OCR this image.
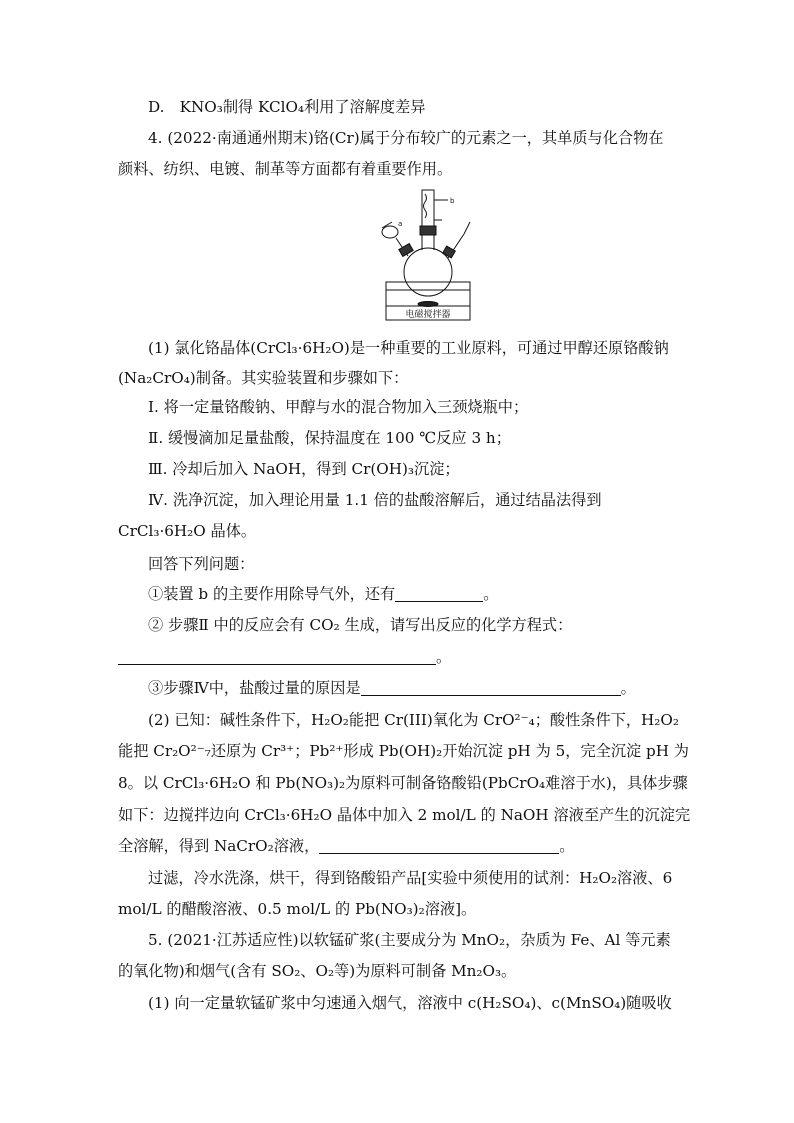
D.　KNO₃制得 KClO₄利用了溶解度差异
4. (2022·南通通州期末)铬(Cr)属于分布较广的元素之一，其单质与化合物在
颜料、纺织、电镀、制革等方面都有着重要作用。
a
b
电磁搅拌器
(1) 氯化铬晶体(CrCl₃·6H₂O)是一种重要的工业原料，可通过甲醇还原铬酸钠
(Na₂CrO₄)制备。其实验装置和步骤如下：
Ⅰ. 将一定量铬酸钠、甲醇与水的混合物加入三颈烧瓶中；
Ⅱ. 缓慢滴加足量盐酸，保持温度在 100 ℃反应 3 h；
Ⅲ. 冷却后加入 NaOH，得到 Cr(OH)₃沉淀；
Ⅳ. 洗净沉淀，加入理论用量 1.1 倍的盐酸溶解后，通过结晶法得到
CrCl₃·6H₂O 晶体。
回答下列问题：
①装置 b 的主要作用除导气外，还有	。
② 步骤Ⅱ 中的反应会有 CO₂ 生成，请写出反应的化学方程式：
。
③步骤Ⅳ中，盐酸过量的原因是	。
(2) 已知：碱性条件下，H₂O₂能把 Cr(III)氧化为 CrO²⁻₄；酸性条件下，H₂O₂
能把 Cr₂O²⁻₇还原为 Cr³⁺；Pb²⁺形成 Pb(OH)₂开始沉淀 pH 为 5，完全沉淀 pH 为
8。以 CrCl₃·6H₂O 和 Pb(NO₃)₂为原料可制备铬酸铅(PbCrO₄难溶于水)，具体步骤
如下：边搅拌边向 CrCl₃·6H₂O 晶体中加入 2 mol/L 的 NaOH 溶液至产生的沉淀完
全溶解，得到 NaCrO₂溶液，	。
过滤，冷水洗涤，烘干，得到铬酸铅产品[实验中须使用的试剂：H₂O₂溶液、6
mol/L 的醋酸溶液、0.5 mol/L 的 Pb(NO₃)₂溶液]。
5. (2021·江苏适应性)以软锰矿浆(主要成分为 MnO₂，杂质为 Fe、Al 等元素
的氧化物)和烟气(含有 SO₂、O₂等)为原料可制备 Mn₂O₃。
(1) 向一定量软锰矿浆中匀速通入烟气，溶液中 c(H₂SO₄)、c(MnSO₄)随吸收
